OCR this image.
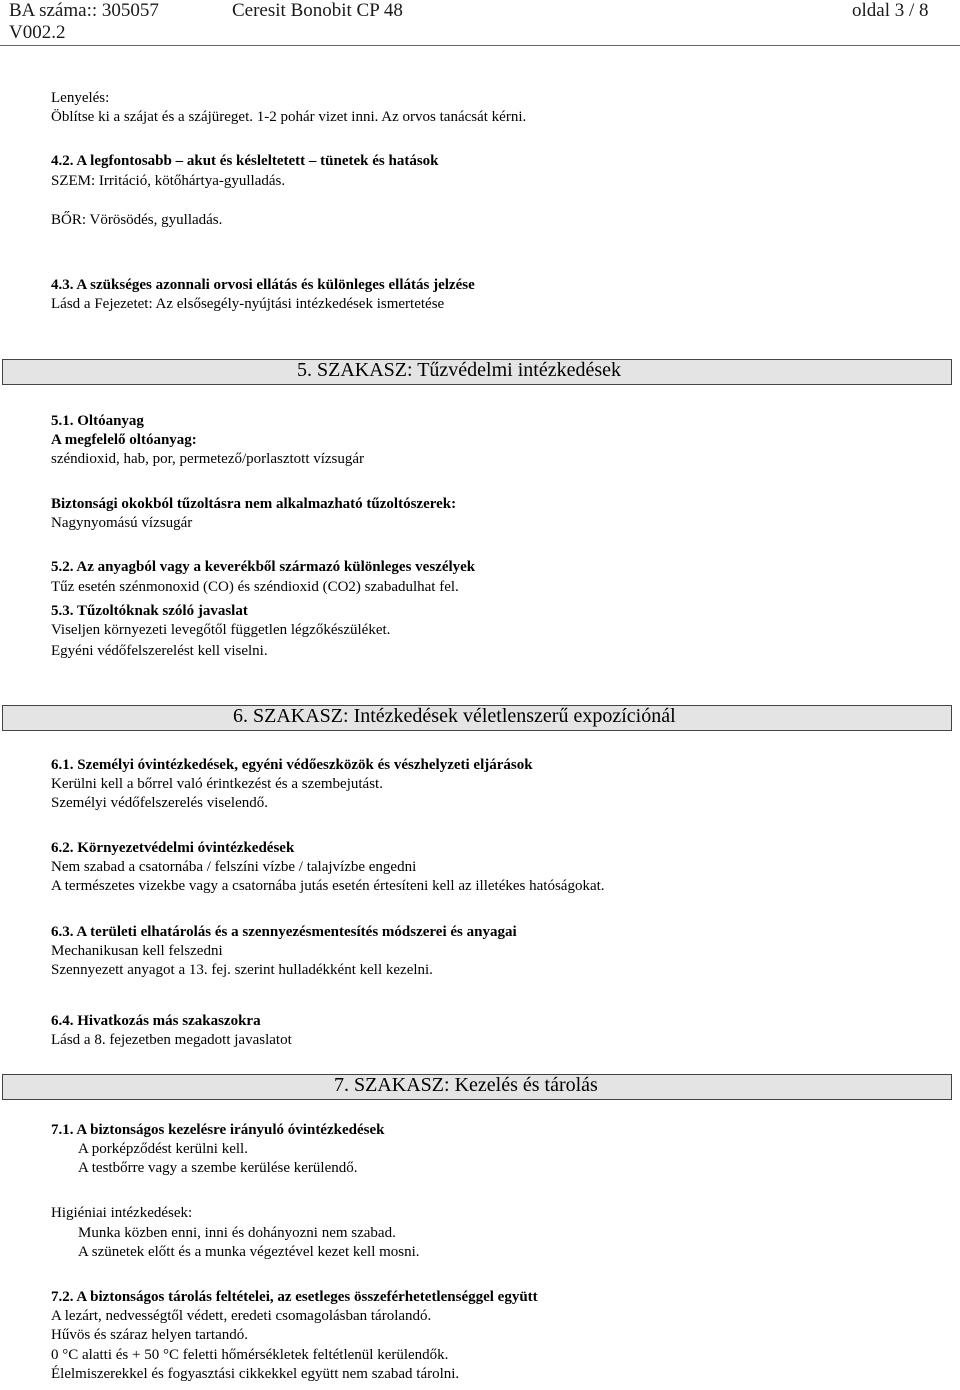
BA száma:: 305057	Ceresit Bonobit CP 48	oldal 3 / 8
V002.2
Lenyelés:
Öblítse ki a szájat és a szájüreget. 1-2 pohár vizet inni. Az orvos tanácsát kérni.
4.2. A legfontosabb – akut és késleltetett – tünetek és hatások
SZEM: Irritáció, kötőhártya-gyulladás.
BŐR: Vörösödés, gyulladás.
4.3. A szükséges azonnali orvosi ellátás és különleges ellátás jelzése
Lásd a Fejezetet: Az elsősegély-nyújtási intézkedések ismertetése
5. SZAKASZ: Tűzvédelmi intézkedések
5.1. Oltóanyag
A megfelelő oltóanyag:
széndioxid, hab, por, permetező/porlasztott vízsugár
Biztonsági okokból tűzoltásra nem alkalmazható tűzoltószerek:
Nagynyomású vízsugár
5.2. Az anyagból vagy a keverékből származó különleges veszélyek
Tűz esetén szénmonoxid (CO) és széndioxid (CO2) szabadulhat fel.
5.3. Tűzoltóknak szóló javaslat
Viseljen környezeti levegőtől független légzőkészüléket.
Egyéni védőfelszerelést kell viselni.
6. SZAKASZ: Intézkedések véletlenszerű expozíciónál
6.1. Személyi óvintézkedések, egyéni védőeszközök és vészhelyzeti eljárások
Kerülni kell a bőrrel való érintkezést és a szembejutást.
Személyi védőfelszerelés viselendő.
6.2. Környezetvédelmi óvintézkedések
Nem szabad a csatornába / felszíni vízbe / talajvízbe engedni
A természetes vizekbe vagy a csatornába jutás esetén értesíteni kell az illetékes hatóságokat.
6.3. A területi elhatárolás és a szennyezésmentesítés módszerei és anyagai
Mechanikusan kell felszedni
Szennyezett anyagot a 13. fej. szerint hulladékként kell kezelni.
6.4. Hivatkozás más szakaszokra
Lásd a 8. fejezetben megadott javaslatot
7. SZAKASZ: Kezelés és tárolás
7.1. A biztonságos kezelésre irányuló óvintézkedések
A porképződést kerülni kell.
A testbőrre vagy a szembe kerülése kerülendő.
Higiéniai intézkedések:
Munka közben enni, inni és dohányozni nem szabad.
A szünetek előtt és a munka végeztével kezet kell mosni.
7.2. A biztonságos tárolás feltételei, az esetleges összeférhetetlenséggel együtt
A lezárt, nedvességtől védett, eredeti csomagolásban tárolandó.
Hűvös és száraz helyen tartandó.
0 °C alatti és + 50 °C feletti hőmérsékletek feltétlenül kerülendők.
Élelmiszerekkel és fogyasztási cikkekkel együtt nem szabad tárolni.
